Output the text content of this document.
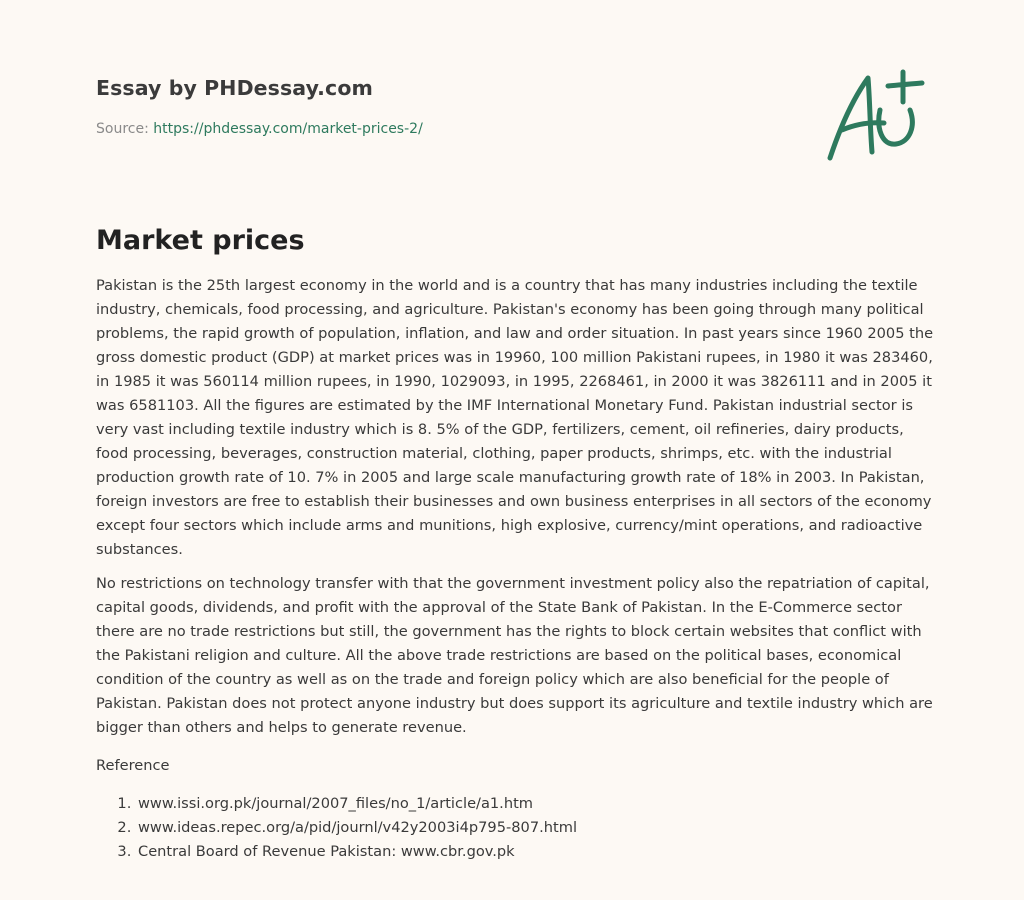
Essay by PHDessay.com
Source: https://phdessay.com/market-prices-2/
Market prices

Pakistan is the 25th largest economy in the world and is a country that has many industries including the textile industry, chemicals, food processing, and agriculture. Pakistan's economy has been going through many political problems, the rapid growth of population, inflation, and law and order situation. In past years since 1960 2005 the gross domestic product (GDP) at market prices was in 19960, 100 million Pakistani rupees, in 1980 it was 283460, in 1985 it was 560114 million rupees, in 1990, 1029093, in 1995, 2268461, in 2000 it was 3826111 and in 2005 it was 6581103. All the figures are estimated by the IMF International Monetary Fund. Pakistan industrial sector is very vast including textile industry which is 8. 5% of the GDP, fertilizers, cement, oil refineries, dairy products, food processing, beverages, construction material, clothing, paper products, shrimps, etc. with the industrial production growth rate of 10. 7% in 2005 and large scale manufacturing growth rate of 18% in 2003. In Pakistan, foreign investors are free to establish their businesses and own business enterprises in all sectors of the economy except four sectors which include arms and munitions, high explosive, currency/mint operations, and radioactive substances.

No restrictions on technology transfer with that the government investment policy also the repatriation of capital, capital goods, dividends, and profit with the approval of the State Bank of Pakistan. In the E-Commerce sector there are no trade restrictions but still, the government has the rights to block certain websites that conflict with the Pakistani religion and culture. All the above trade restrictions are based on the political bases, economical condition of the country as well as on the trade and foreign policy which are also beneficial for the people of Pakistan. Pakistan does not protect anyone industry but does support its agriculture and textile industry which are bigger than others and helps to generate revenue.

Reference

1. www.issi.org.pk/journal/2007_files/no_1/article/a1.htm
2. www.ideas.repec.org/a/pid/journl/v42y2003i4p795-807.html
3. Central Board of Revenue Pakistan: www.cbr.gov.pk
